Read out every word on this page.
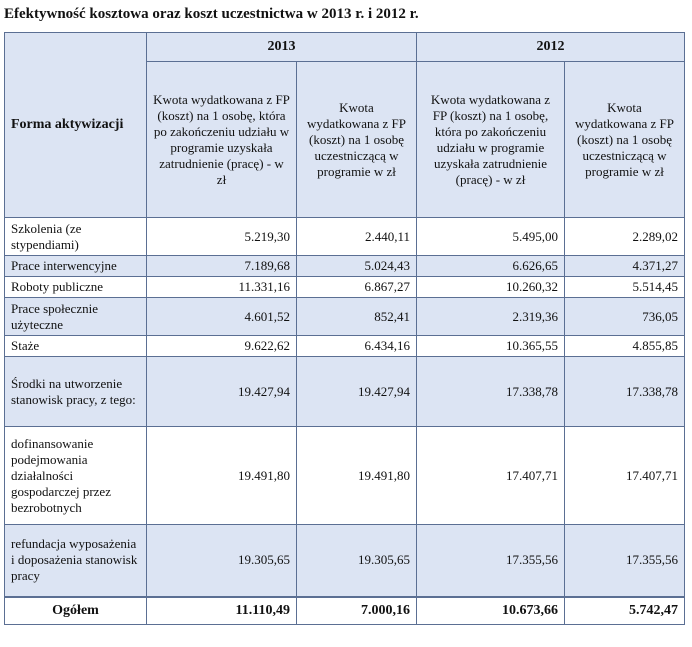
Efektywność kosztowa oraz koszt uczestnictwa w 2013 r. i 2012 r.
Forma aktywizacji	2013		2012	
	Kwota wydatkowana z FP (koszt) na 1 osobę, która po zakończeniu udziału w programie uzyskała zatrudnienie (pracę) - w zł	Kwota wydatkowana z FP (koszt) na 1 osobę uczestniczącą w programie w zł	Kwota wydatkowana z FP (koszt) na 1 osobę, która po zakończeniu udziału w programie uzyskała zatrudnienie (pracę) - w zł	Kwota wydatkowana z FP (koszt) na 1 osobę uczestniczącą w programie w zł
Szkolenia (ze stypendiami)	5.219,30	2.440,11	5.495,00	2.289,02
Prace interwencyjne	7.189,68	5.024,43	6.626,65	4.371,27
Roboty publiczne	11.331,16	6.867,27	10.260,32	5.514,45
Prace społecznie użyteczne	4.601,52	852,41	2.319,36	736,05
Staże	9.622,62	6.434,16	10.365,55	4.855,85
Środki na utworzenie stanowisk pracy, z tego:	19.427,94	19.427,94	17.338,78	17.338,78
dofinansowanie podejmowania działalności gospodarczej przez bezrobotnych	19.491,80	19.491,80	17.407,71	17.407,71
refundacja wyposażenia i doposażenia stanowisk pracy	19.305,65	19.305,65	17.355,56	17.355,56
Ogółem	11.110,49	7.000,16	10.673,66	5.742,47
